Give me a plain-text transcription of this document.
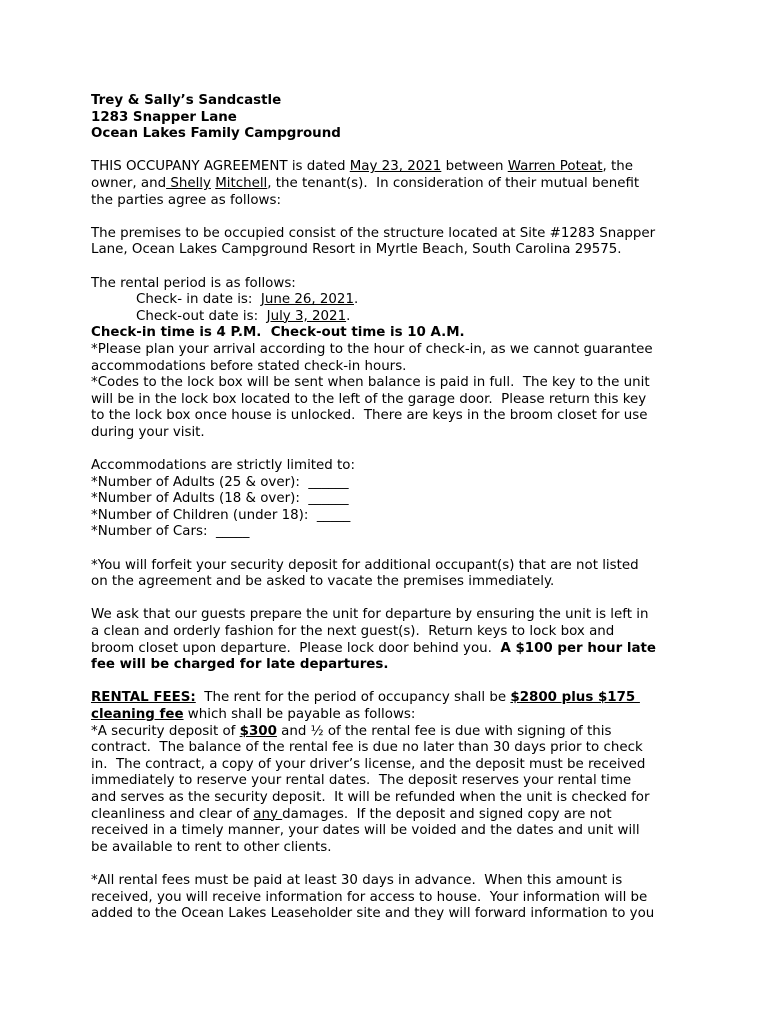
Trey & Sally’s Sandcastle
1283 Snapper Lane
Ocean Lakes Family Campground
THIS OCCUPANY AGREEMENT is dated May 23, 2021 between Warren Poteat, the
owner, and Shelly Mitchell, the tenant(s).  In consideration of their mutual benefit
the parties agree as follows:
The premises to be occupied consist of the structure located at Site #1283 Snapper
Lane, Ocean Lakes Campground Resort in Myrtle Beach, South Carolina 29575.
The rental period is as follows:
Check- in date is:  June 26, 2021.
Check-out date is:  July 3, 2021.
Check-in time is 4 P.M.  Check-out time is 10 A.M.
*Please plan your arrival according to the hour of check-in, as we cannot guarantee
accommodations before stated check-in hours.
*Codes to the lock box will be sent when balance is paid in full.  The key to the unit
will be in the lock box located to the left of the garage door.  Please return this key
to the lock box once house is unlocked.  There are keys in the broom closet for use
during your visit.
Accommodations are strictly limited to:
*Number of Adults (25 & over):  ______
*Number of Adults (18 & over):  ______
*Number of Children (under 18):  _____
*Number of Cars:  _____
*You will forfeit your security deposit for additional occupant(s) that are not listed
on the agreement and be asked to vacate the premises immediately.
We ask that our guests prepare the unit for departure by ensuring the unit is left in
a clean and orderly fashion for the next guest(s).  Return keys to lock box and
broom closet upon departure.  Please lock door behind you.  A $100 per hour late
fee will be charged for late departures.
RENTAL FEES:  The rent for the period of occupancy shall be $2800 plus $175
cleaning fee which shall be payable as follows:
*A security deposit of $300 and ½ of the rental fee is due with signing of this
contract.  The balance of the rental fee is due no later than 30 days prior to check
in.  The contract, a copy of your driver’s license, and the deposit must be received
immediately to reserve your rental dates.  The deposit reserves your rental time
and serves as the security deposit.  It will be refunded when the unit is checked for
cleanliness and clear of any damages.  If the deposit and signed copy are not
received in a timely manner, your dates will be voided and the dates and unit will
be available to rent to other clients.
*All rental fees must be paid at least 30 days in advance.  When this amount is
received, you will receive information for access to house.  Your information will be
added to the Ocean Lakes Leaseholder site and they will forward information to you
